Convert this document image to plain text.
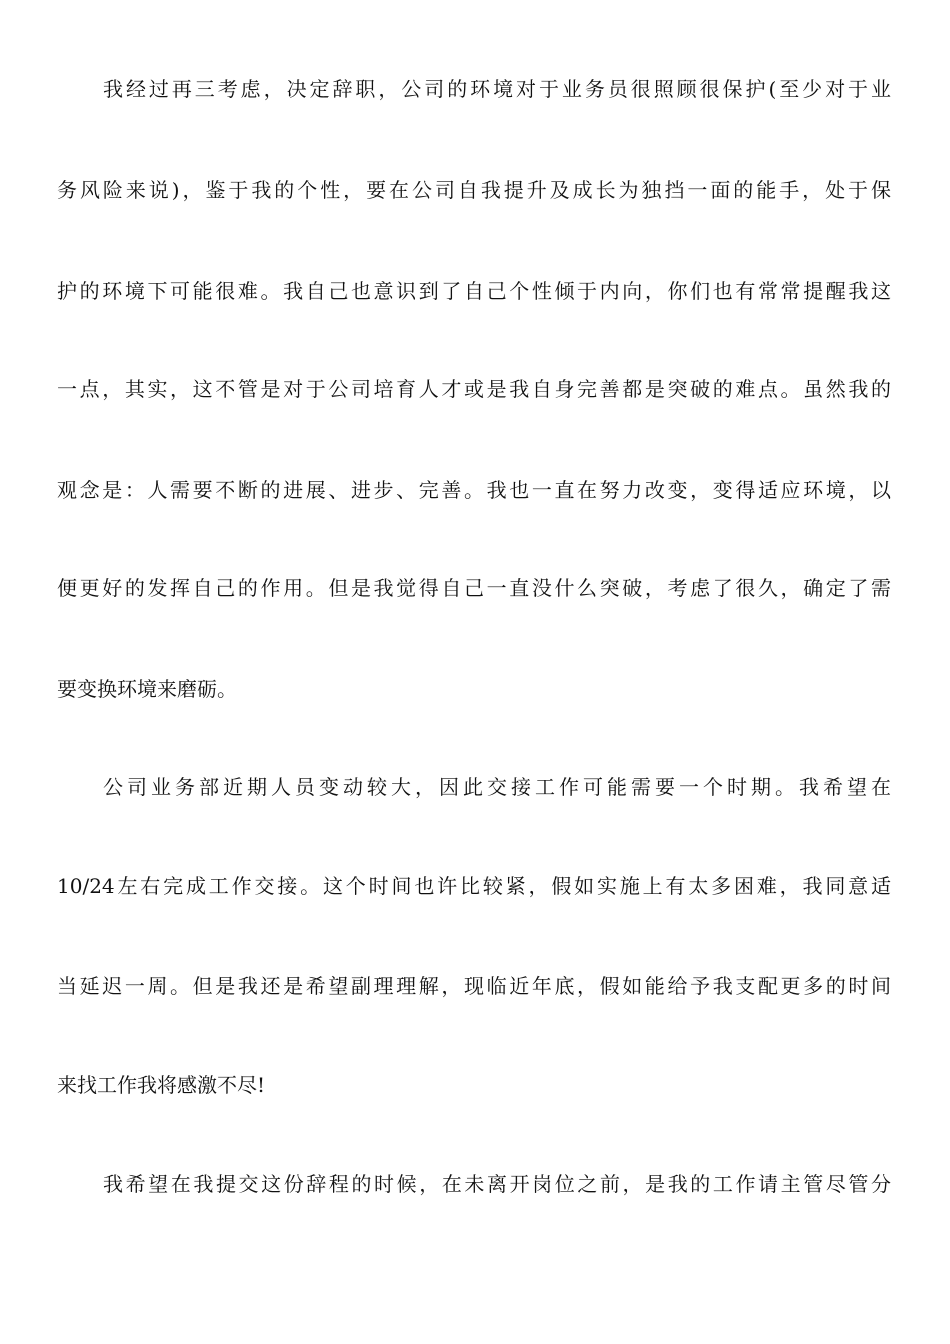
我经过再三考虑，决定辞职，公司的环境对于业务员很照顾很保护(至少对于业
务风险来说)，鉴于我的个性，要在公司自我提升及成长为独挡一面的能手，处于保
护的环境下可能很难。我自己也意识到了自己个性倾于内向，你们也有常常提醒我这
一点，其实，这不管是对于公司培育人才或是我自身完善都是突破的难点。虽然我的
观念是：人需要不断的进展、进步、完善。我也一直在努力改变，变得适应环境，以
便更好的发挥自己的作用。但是我觉得自己一直没什么突破，考虑了很久，确定了需
要变换环境来磨砺。
公司业务部近期人员变动较大，因此交接工作可能需要一个时期。我希望在
10/24左右完成工作交接。这个时间也许比较紧，假如实施上有太多困难，我同意适
当延迟一周。但是我还是希望副理理解，现临近年底，假如能给予我支配更多的时间
来找工作我将感激不尽!
我希望在我提交这份辞程的时候，在未离开岗位之前，是我的工作请主管尽管分
